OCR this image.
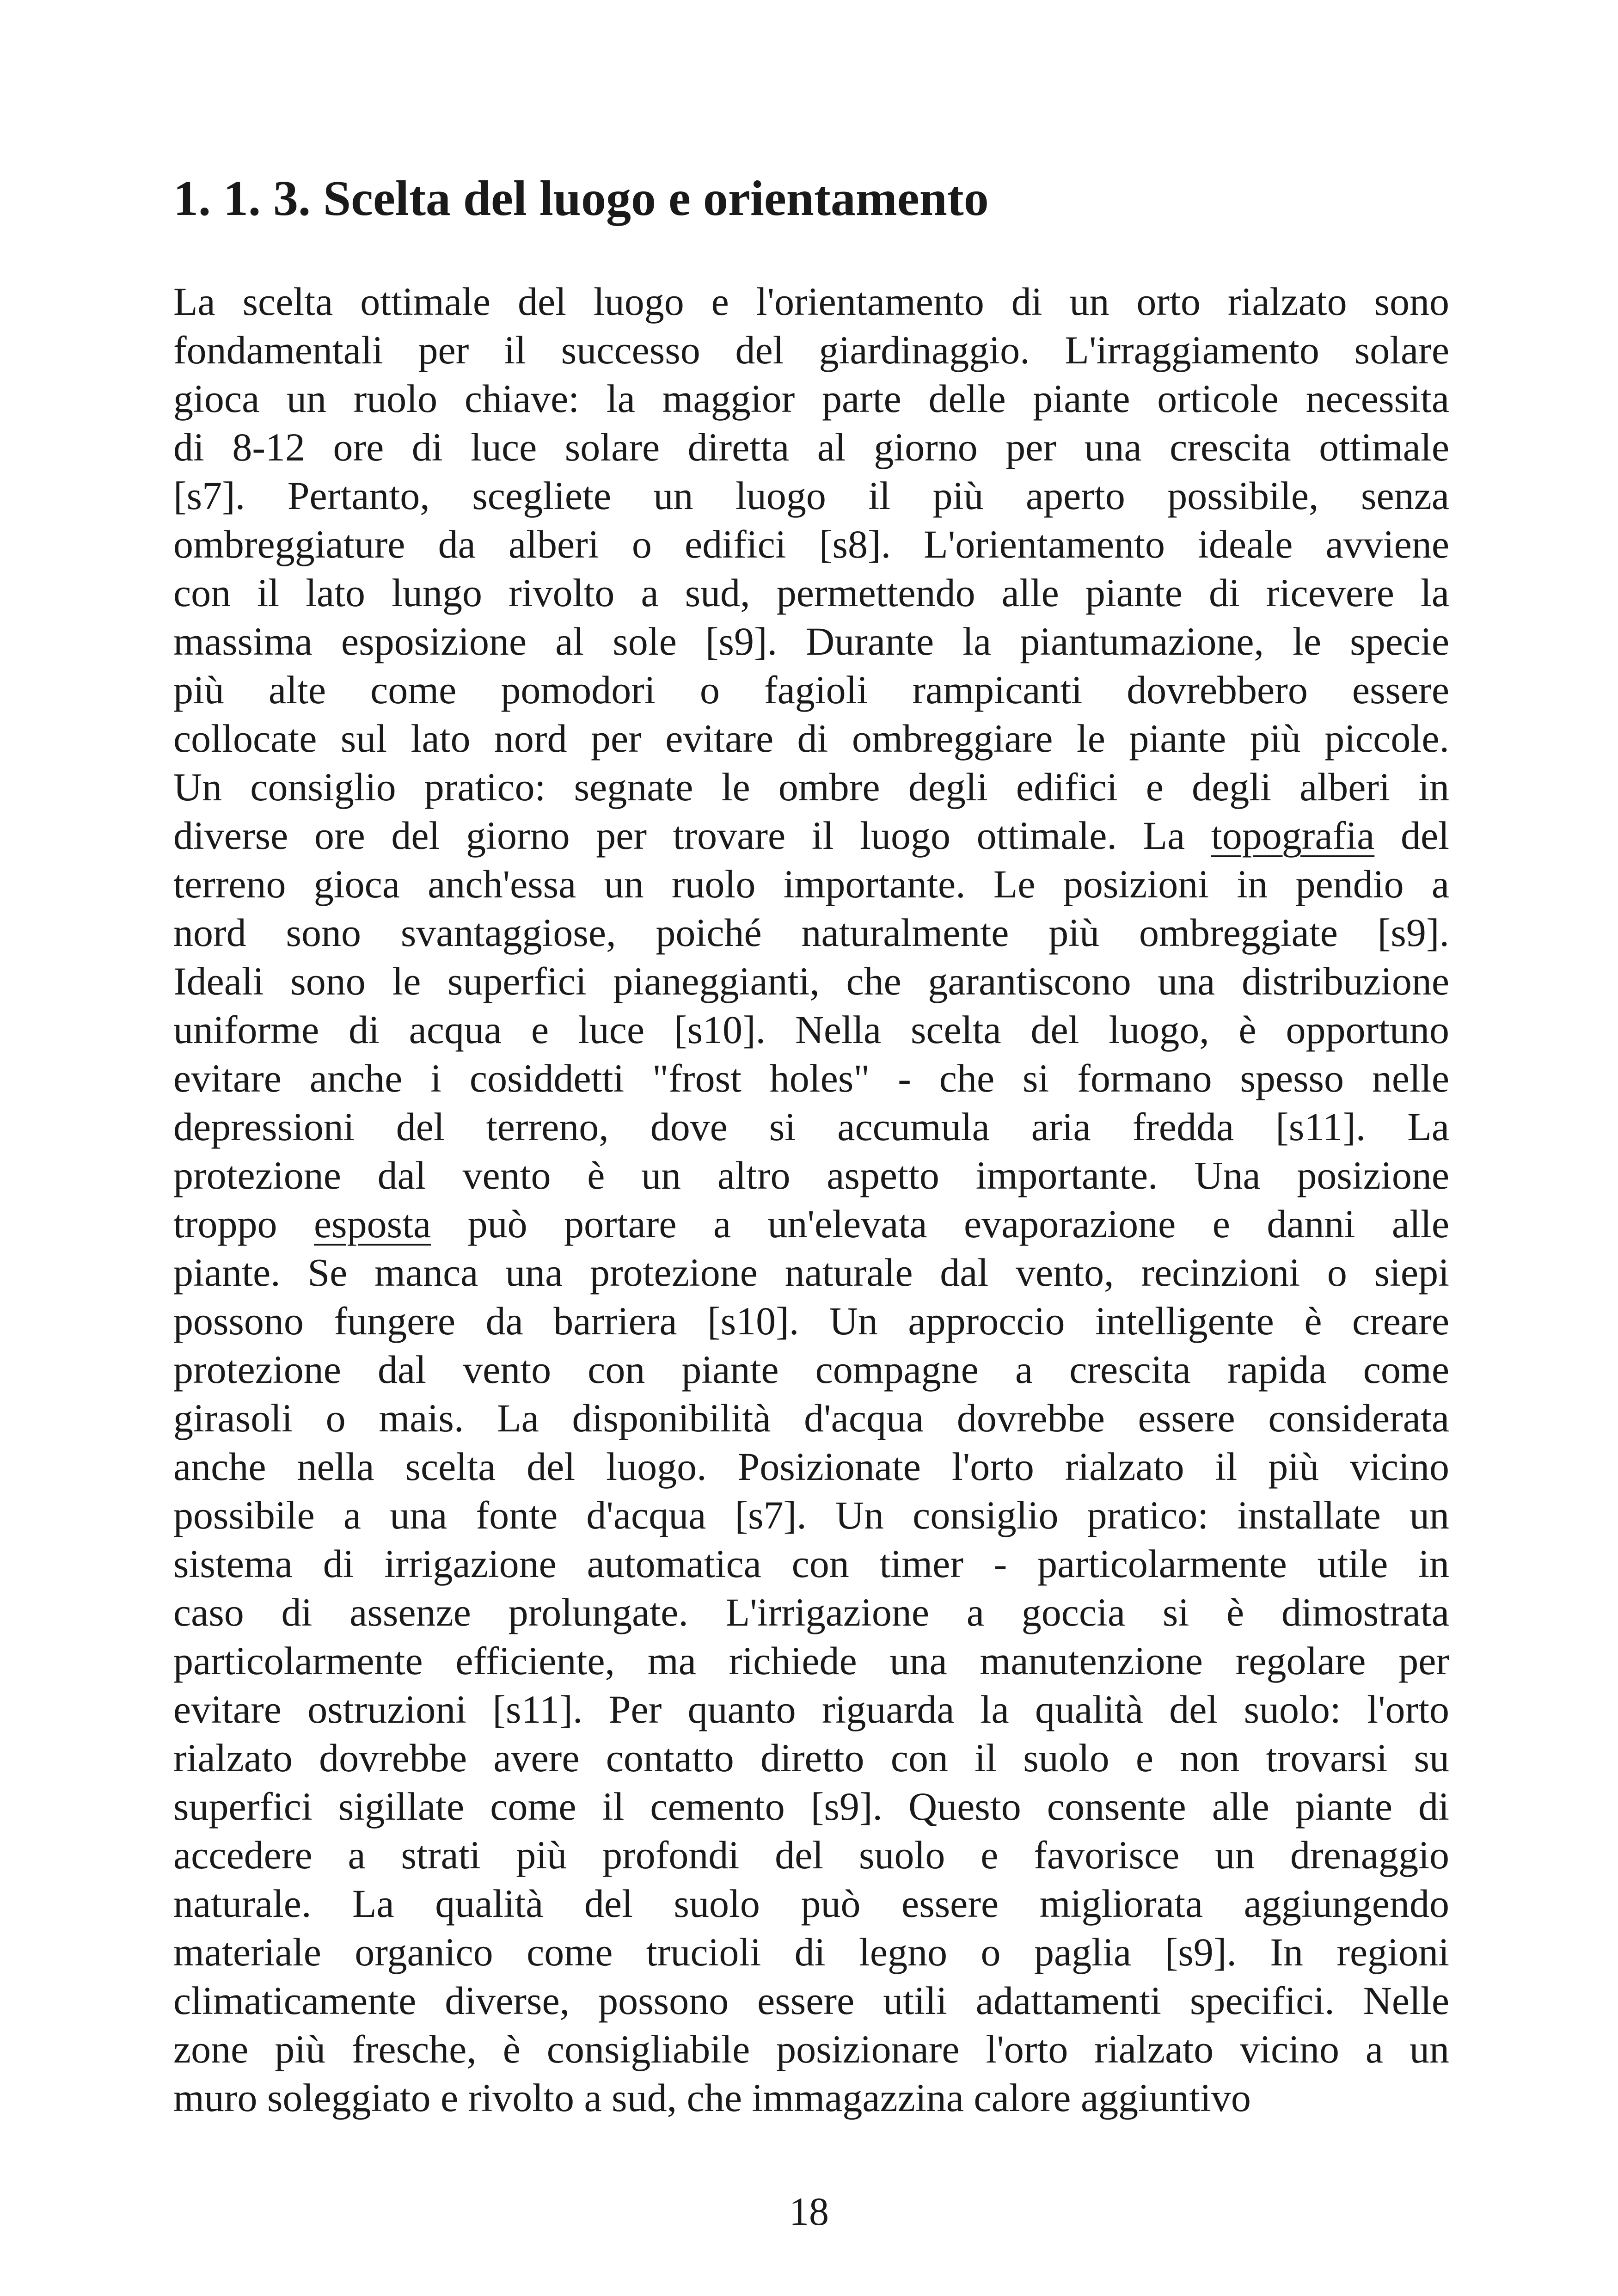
1. 1. 3. Scelta del luogo e orientamento
La scelta ottimale del luogo e l'orientamento di un orto rialzato sono
fondamentali per il successo del giardinaggio. L'irraggiamento solare
gioca un ruolo chiave: la maggior parte delle piante orticole necessita
di 8-12 ore di luce solare diretta al giorno per una crescita ottimale
[s7]. Pertanto, scegliete un luogo il più aperto possibile, senza
ombreggiature da alberi o edifici [s8]. L'orientamento ideale avviene
con il lato lungo rivolto a sud, permettendo alle piante di ricevere la
massima esposizione al sole [s9]. Durante la piantumazione, le specie
più alte come pomodori o fagioli rampicanti dovrebbero essere
collocate sul lato nord per evitare di ombreggiare le piante più piccole.
Un consiglio pratico: segnate le ombre degli edifici e degli alberi in
diverse ore del giorno per trovare il luogo ottimale. La topografia del
terreno gioca anch'essa un ruolo importante. Le posizioni in pendio a
nord sono svantaggiose, poiché naturalmente più ombreggiate [s9].
Ideali sono le superfici pianeggianti, che garantiscono una distribuzione
uniforme di acqua e luce [s10]. Nella scelta del luogo, è opportuno
evitare anche i cosiddetti "frost holes" - che si formano spesso nelle
depressioni del terreno, dove si accumula aria fredda [s11]. La
protezione dal vento è un altro aspetto importante. Una posizione
troppo esposta può portare a un'elevata evaporazione e danni alle
piante. Se manca una protezione naturale dal vento, recinzioni o siepi
possono fungere da barriera [s10]. Un approccio intelligente è creare
protezione dal vento con piante compagne a crescita rapida come
girasoli o mais. La disponibilità d'acqua dovrebbe essere considerata
anche nella scelta del luogo. Posizionate l'orto rialzato il più vicino
possibile a una fonte d'acqua [s7]. Un consiglio pratico: installate un
sistema di irrigazione automatica con timer - particolarmente utile in
caso di assenze prolungate. L'irrigazione a goccia si è dimostrata
particolarmente efficiente, ma richiede una manutenzione regolare per
evitare ostruzioni [s11]. Per quanto riguarda la qualità del suolo: l'orto
rialzato dovrebbe avere contatto diretto con il suolo e non trovarsi su
superfici sigillate come il cemento [s9]. Questo consente alle piante di
accedere a strati più profondi del suolo e favorisce un drenaggio
naturale. La qualità del suolo può essere migliorata aggiungendo
materiale organico come trucioli di legno o paglia [s9]. In regioni
climaticamente diverse, possono essere utili adattamenti specifici. Nelle
zone più fresche, è consigliabile posizionare l'orto rialzato vicino a un
muro soleggiato e rivolto a sud, che immagazzina calore aggiuntivo
18
